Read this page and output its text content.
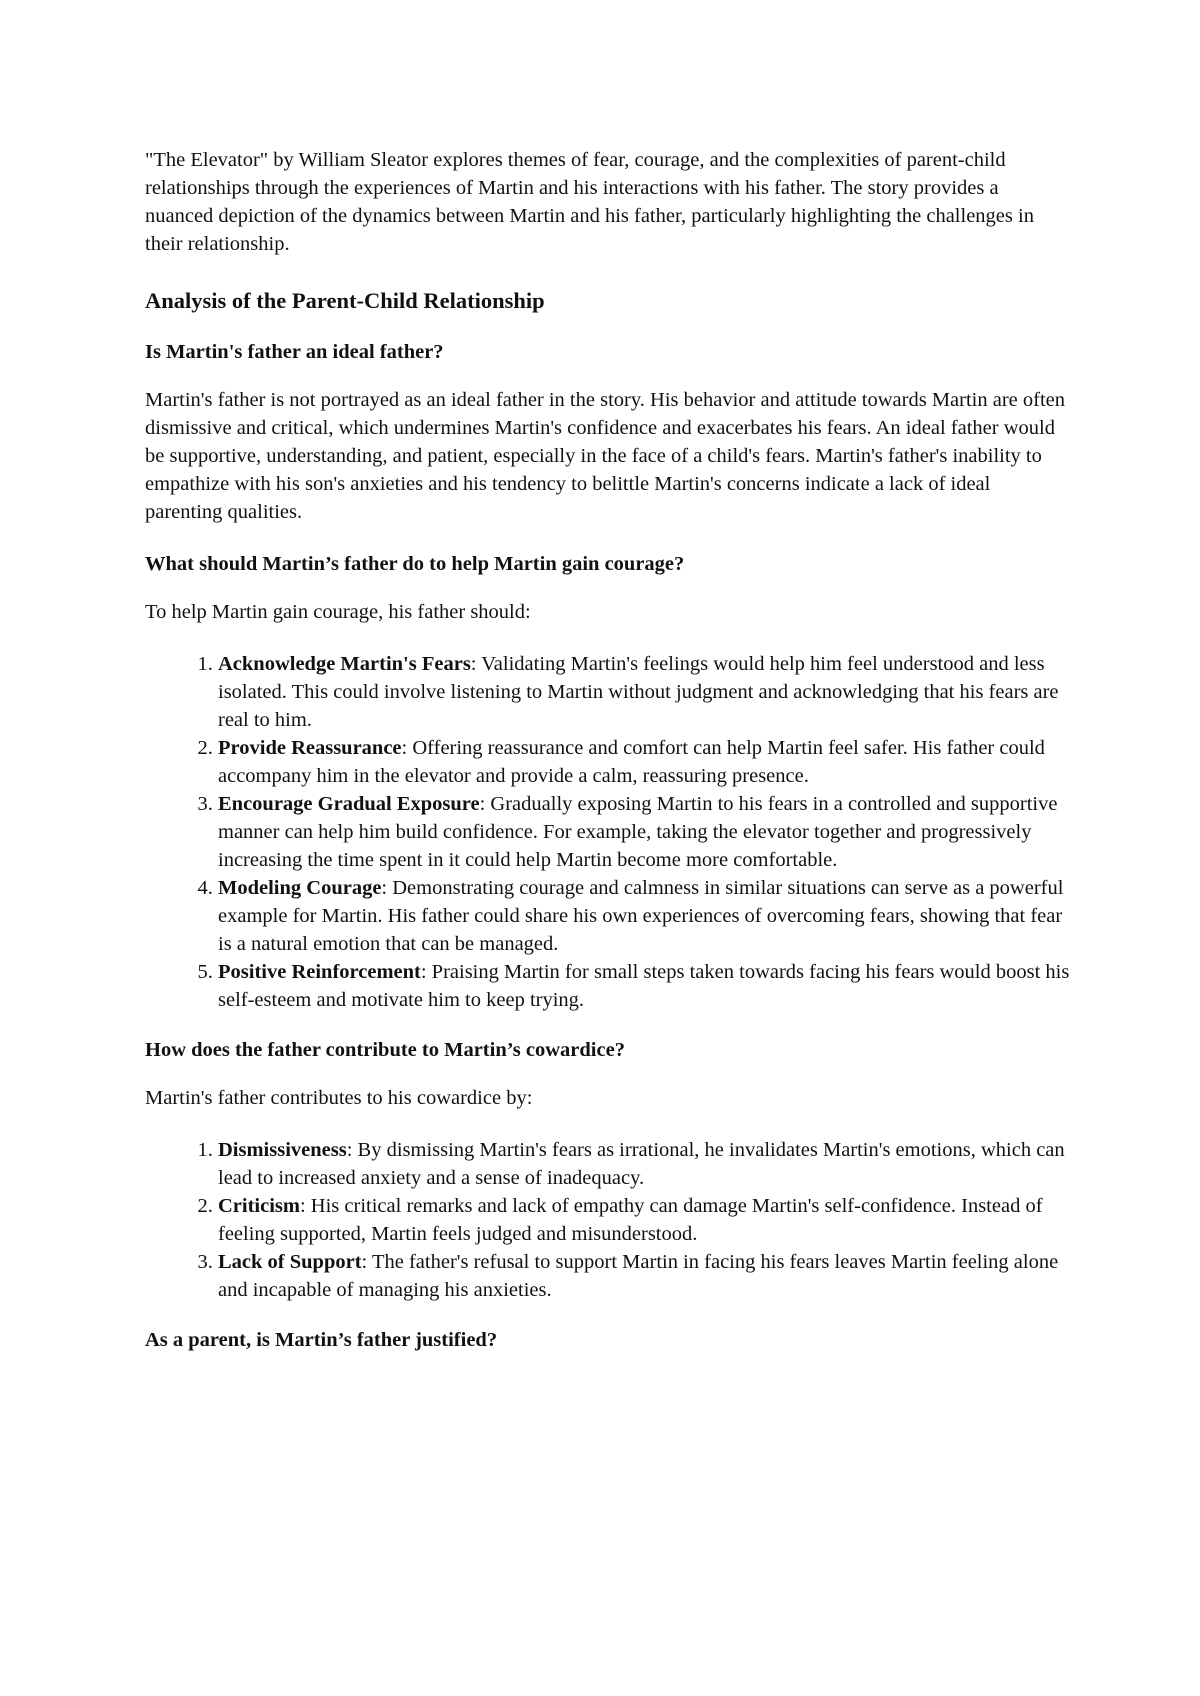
"The Elevator" by William Sleator explores themes of fear, courage, and the complexities of parent-child relationships through the experiences of Martin and his interactions with his father. The story provides a nuanced depiction of the dynamics between Martin and his father, particularly highlighting the challenges in their relationship.

Analysis of the Parent-Child Relationship
Is Martin's father an ideal father?

Martin's father is not portrayed as an ideal father in the story. His behavior and attitude towards Martin are often dismissive and critical, which undermines Martin's confidence and exacerbates his fears. An ideal father would be supportive, understanding, and patient, especially in the face of a child's fears. Martin's father's inability to empathize with his son's anxieties and his tendency to belittle Martin's concerns indicate a lack of ideal parenting qualities.

What should Martin’s father do to help Martin gain courage?

To help Martin gain courage, his father should:

1. Acknowledge Martin's Fears: Validating Martin's feelings would help him feel understood and less isolated. This could involve listening to Martin without judgment and acknowledging that his fears are real to him.
2. Provide Reassurance: Offering reassurance and comfort can help Martin feel safer. His father could accompany him in the elevator and provide a calm, reassuring presence.
3. Encourage Gradual Exposure: Gradually exposing Martin to his fears in a controlled and supportive manner can help him build confidence. For example, taking the elevator together and progressively increasing the time spent in it could help Martin become more comfortable.
4. Modeling Courage: Demonstrating courage and calmness in similar situations can serve as a powerful example for Martin. His father could share his own experiences of overcoming fears, showing that fear is a natural emotion that can be managed.
5. Positive Reinforcement: Praising Martin for small steps taken towards facing his fears would boost his self-esteem and motivate him to keep trying.
How does the father contribute to Martin’s cowardice?

Martin's father contributes to his cowardice by:

1. Dismissiveness: By dismissing Martin's fears as irrational, he invalidates Martin's emotions, which can lead to increased anxiety and a sense of inadequacy.
2. Criticism: His critical remarks and lack of empathy can damage Martin's self-confidence. Instead of feeling supported, Martin feels judged and misunderstood.
3. Lack of Support: The father's refusal to support Martin in facing his fears leaves Martin feeling alone and incapable of managing his anxieties.
As a parent, is Martin’s father justified?
